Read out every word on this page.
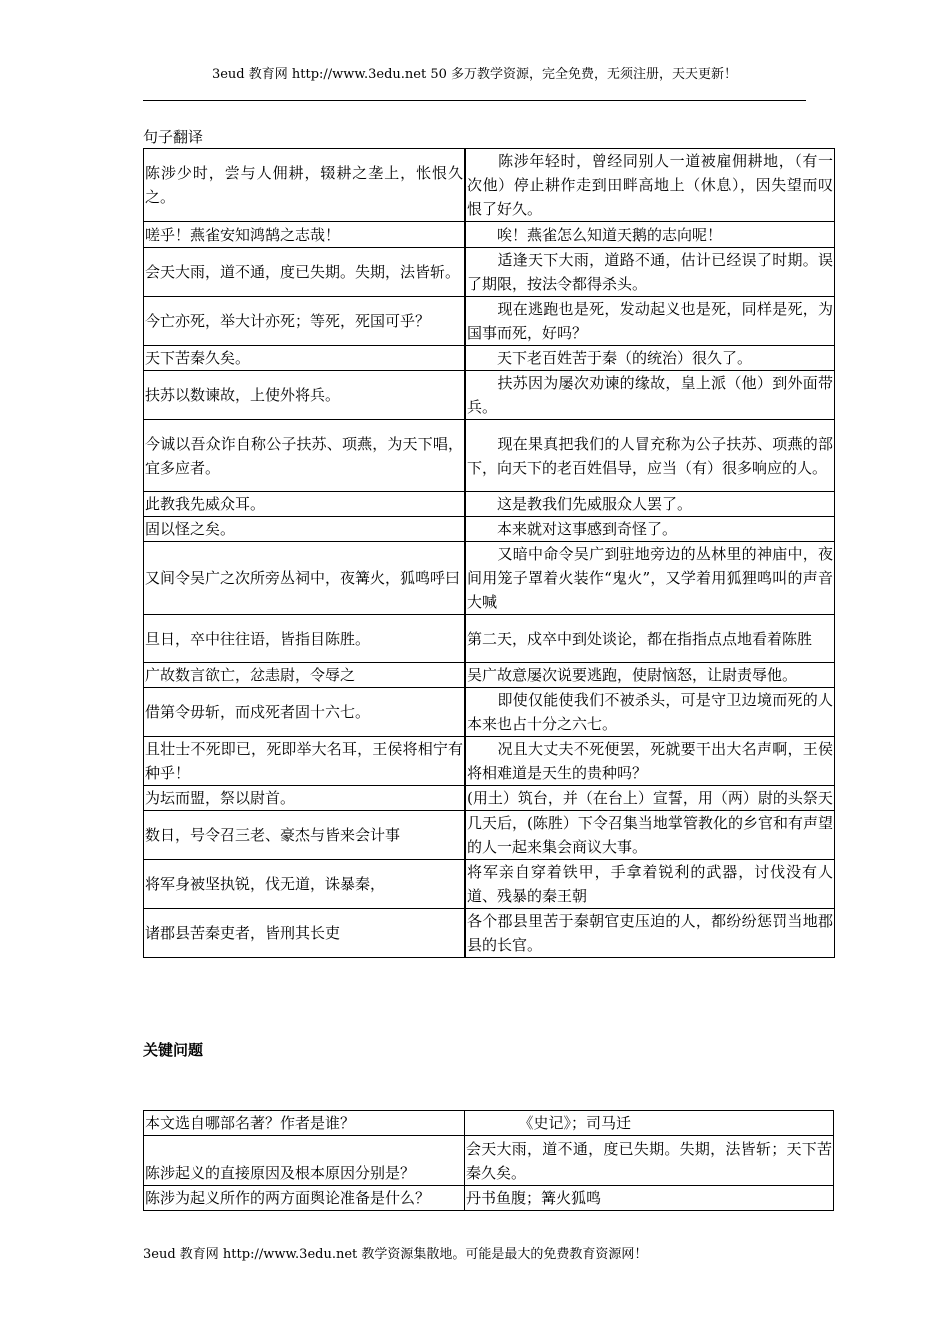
3eud 教育网 http://www.3edu.net 50 多万教学资源，完全免费，无须注册，天天更新！
句子翻译
陈涉少时，尝与人佣耕，辍耕之垄上，怅恨久之。	　　陈涉年轻时，曾经同别人一道被雇佣耕地，（有一次他）停止耕作走到田畔高地上（休息），因失望而叹恨了好久。
嗟乎！燕雀安知鸿鹄之志哉！	　　唉！燕雀怎么知道天鹅的志向呢！
会天大雨，道不通，度已失期。失期，法皆斩。	　　适逢天下大雨，道路不通，估计已经误了时期。误了期限，按法令都得杀头。
今亡亦死，举大计亦死；等死，死国可乎？	　　现在逃跑也是死，发动起义也是死，同样是死，为国事而死，好吗？
天下苦秦久矣。	　　天下老百姓苦于秦（的统治）很久了。
扶苏以数谏故，上使外将兵。	　　扶苏因为屡次劝谏的缘故，皇上派（他）到外面带兵。
今诚以吾众诈自称公子扶苏、项燕，为天下唱，宜多应者。	　　现在果真把我们的人冒充称为公子扶苏、项燕的部下，向天下的老百姓倡导，应当（有）很多响应的人。
此教我先威众耳。	　　这是教我们先威服众人罢了。
固以怪之矣。	　　本来就对这事感到奇怪了。
又间令吴广之次所旁丛祠中，夜篝火，狐鸣呼曰	　　又暗中命令吴广到驻地旁边的丛林里的神庙中，夜间用笼子罩着火装作“鬼火”，又学着用狐狸鸣叫的声音大喊
旦日，卒中往往语，皆指目陈胜。	第二天，戍卒中到处谈论，都在指指点点地看着陈胜
广故数言欲亡，忿恚尉，令辱之	吴广故意屡次说要逃跑，使尉恼怒，让尉责辱他。
借第令毋斩，而戍死者固十六七。	　　即使仅能使我们不被杀头，可是守卫边境而死的人本来也占十分之六七。
且壮士不死即已，死即举大名耳，王侯将相宁有种乎！	　　况且大丈夫不死便罢，死就要干出大名声啊，王侯将相难道是天生的贵种吗？
为坛而盟，祭以尉首。	(用土）筑台，并（在台上）宣誓，用（两）尉的头祭天
数日，号令召三老、豪杰与皆来会计事	几天后，(陈胜）下令召集当地掌管教化的乡官和有声望的人一起来集会商议大事。
将军身被坚执锐，伐无道，诛暴秦，	将军亲自穿着铁甲，手拿着锐利的武器，讨伐没有人道、残暴的秦王朝
诸郡县苦秦吏者，皆刑其长吏	各个郡县里苦于秦朝官吏压迫的人，都纷纷惩罚当地郡县的长官。
关键问题
本文选自哪部名著？作者是谁？	　　　　《史记》；司马迁
陈涉起义的直接原因及根本原因分别是？	会天大雨，道不通，度已失期。失期，法皆斩；天下苦秦久矣。
陈涉为起义所作的两方面舆论准备是什么？	丹书鱼腹；篝火狐鸣
3eud 教育网 http://www.3edu.net 教学资源集散地。可能是最大的免费教育资源网！
